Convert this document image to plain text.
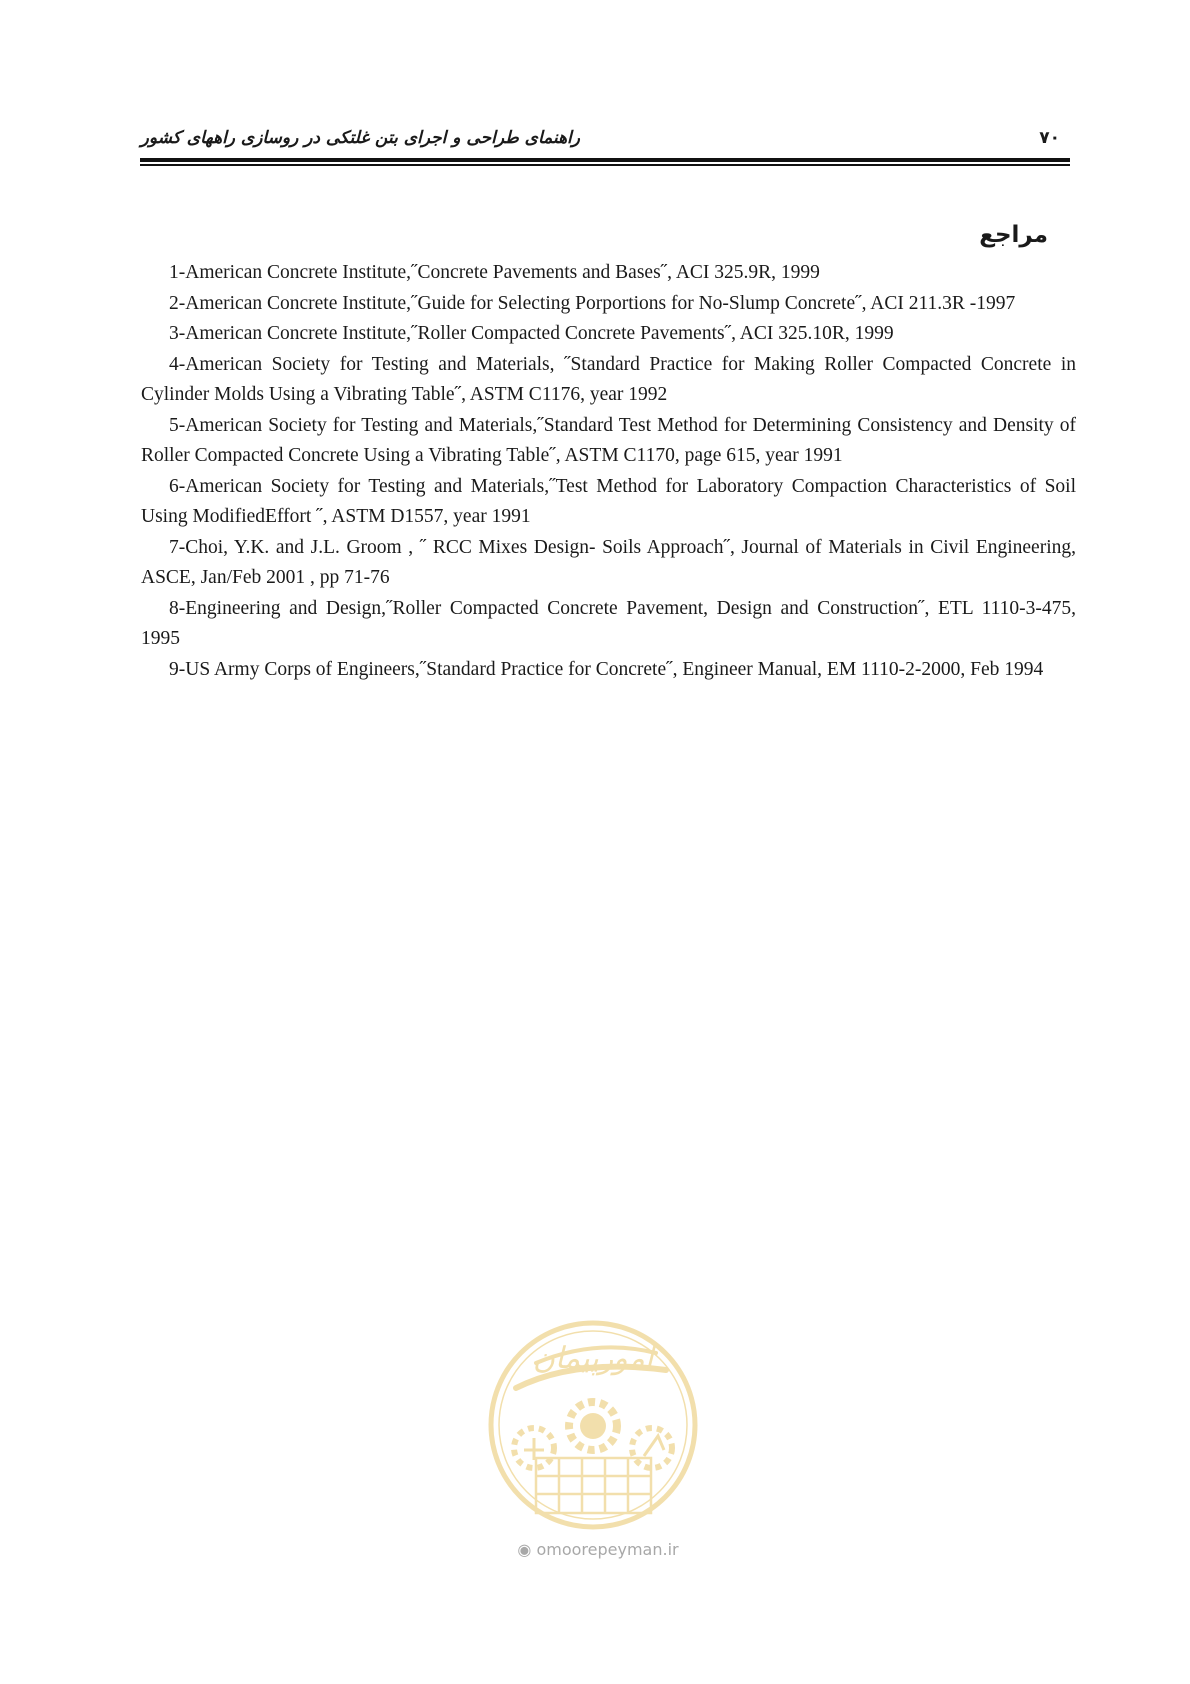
راهنمای طراحی و اجرای بتن غلتکی در روسازی راههای کشور	۷۰
مراجع

1-American Concrete Institute,˝Concrete Pavements and Bases˝, ACI 325.9R, 1999

2-American Concrete Institute,˝Guide for Selecting Porportions for No-Slump Concrete˝, ACI 211.3R -1997

3-American Concrete Institute,˝Roller Compacted Concrete Pavements˝, ACI 325.10R, 1999

4-American Society for Testing and Materials, ˝Standard Practice for Making Roller Compacted Concrete in Cylinder Molds Using a Vibrating Table˝, ASTM C1176, year 1992

5-American Society for Testing and Materials,˝Standard Test Method for Determining Consistency and Density of Roller Compacted Concrete Using a Vibrating Table˝, ASTM C1170, page 615, year 1991

6-American Society for Testing and Materials,˝Test Method for Laboratory Compaction Characteristics of Soil Using ModifiedEffort ˝, ASTM D1557, year 1991

7-Choi, Y.K. and J.L. Groom , ˝ RCC Mixes Design- Soils Approach˝, Journal of Materials in Civil Engineering, ASCE, Jan/Feb 2001 , pp 71-76

8-Engineering and Design,˝Roller Compacted Concrete Pavement, Design and Construction˝, ETL 1110-3-475, 1995

9-US Army Corps of Engineers,˝Standard Practice for Concrete˝, Engineer Manual, EM 1110-2-2000, Feb 1994

امورپیمان
◉ omoorepeyman.ir
